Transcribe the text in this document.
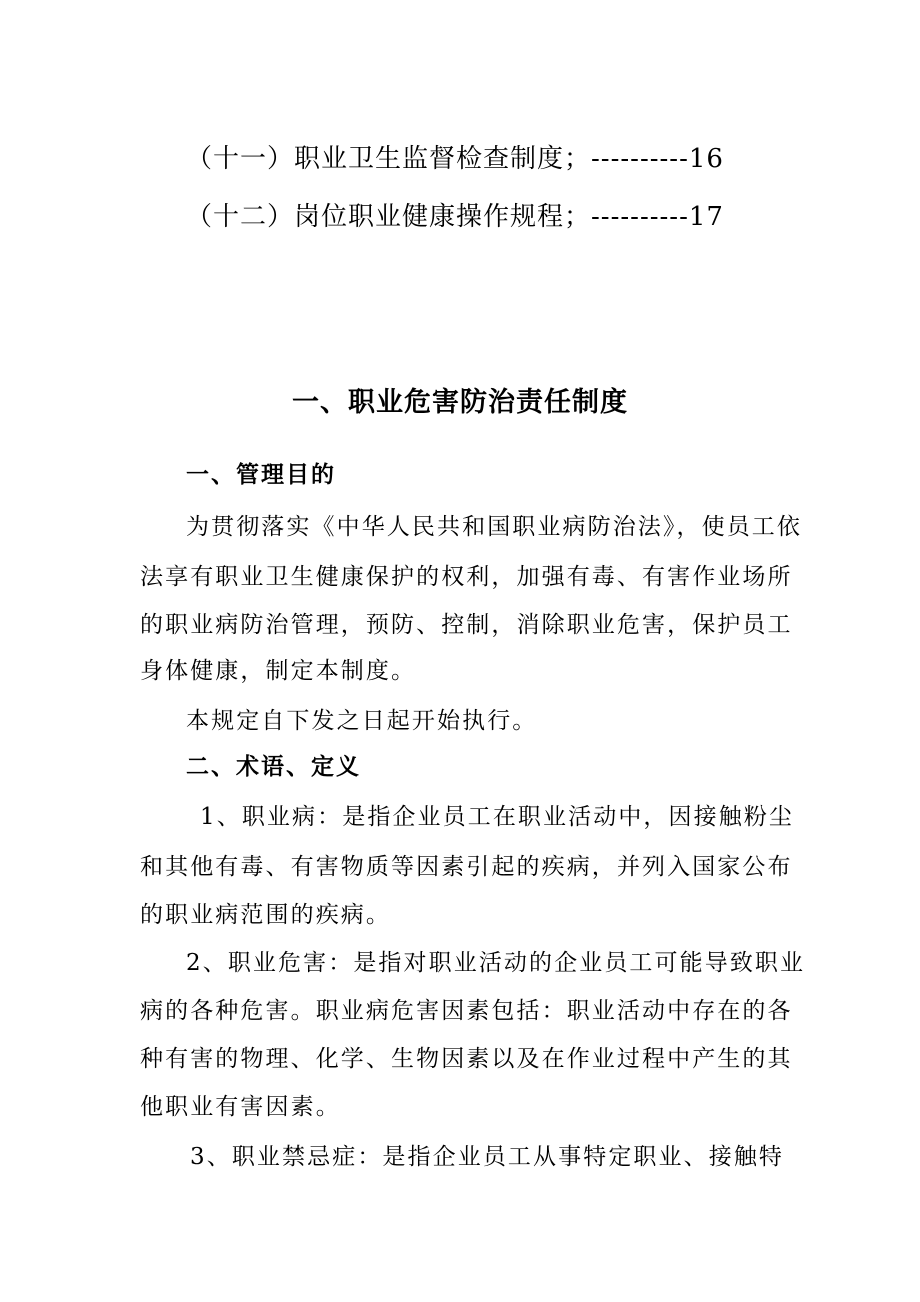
（十一）职业卫生监督检查制度；----------16
（十二）岗位职业健康操作规程；----------17
一、职业危害防治责任制度
一、管理目的
为贯彻落实《中华人民共和国职业病防治法》，使员工依
法享有职业卫生健康保护的权利，加强有毒、有害作业场所
的职业病防治管理，预防、控制，消除职业危害，保护员工
身体健康，制定本制度。
本规定自下发之日起开始执行。
二、术语、定义
1、职业病：是指企业员工在职业活动中，因接触粉尘
和其他有毒、有害物质等因素引起的疾病，并列入国家公布
的职业病范围的疾病。
2、职业危害：是指对职业活动的企业员工可能导致职业
病的各种危害。职业病危害因素包括：职业活动中存在的各
种有害的物理、化学、生物因素以及在作业过程中产生的其
他职业有害因素。
3、职业禁忌症：是指企业员工从事特定职业、接触特
